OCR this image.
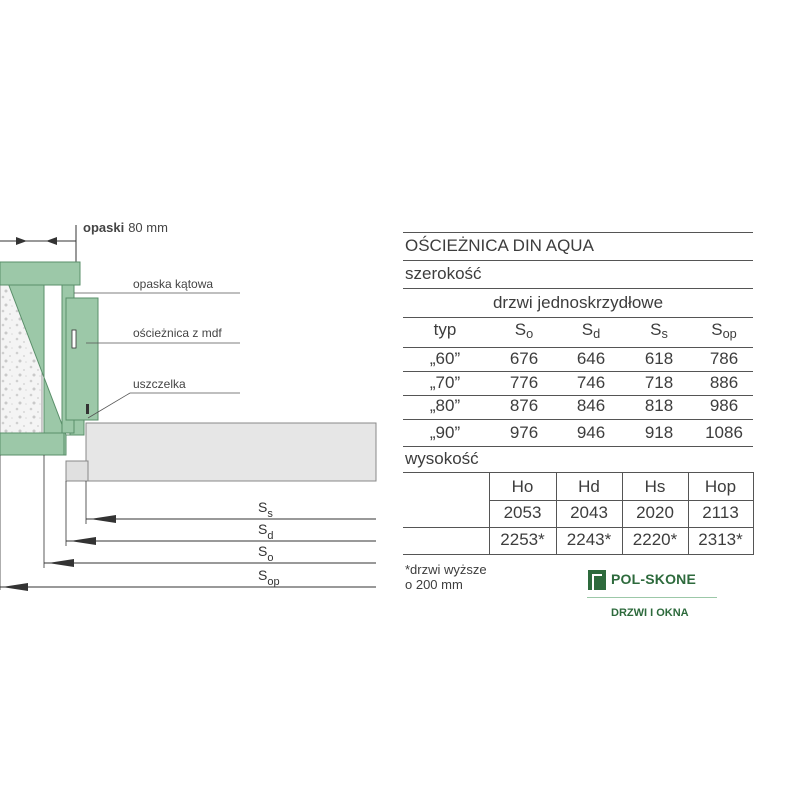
opaski 80 mm
opaska kątowa
ościeżnica z mdf
uszczelka
$S_s$
$S_d$
$S_o$
$S_{op}$
OŚCIEŻNICA DIN AQUA
szerokość
drzwi jednoskrzydłowe
typ	$S_o$	$S_d$	$S_s$	$S_{op}$
„60”	676	646	618	786
„70”	776	746	718	886
„80”	876	846	818	986
„90”	976	946	918	1086
wysokość
Ho	Hd	Hs	Hop
2053	2043	2020	2113
2253*	2243*	2220*	2313*
*drzwi wyższe
o 200 mm	POL-SKONE
DRZWI I OKNA
